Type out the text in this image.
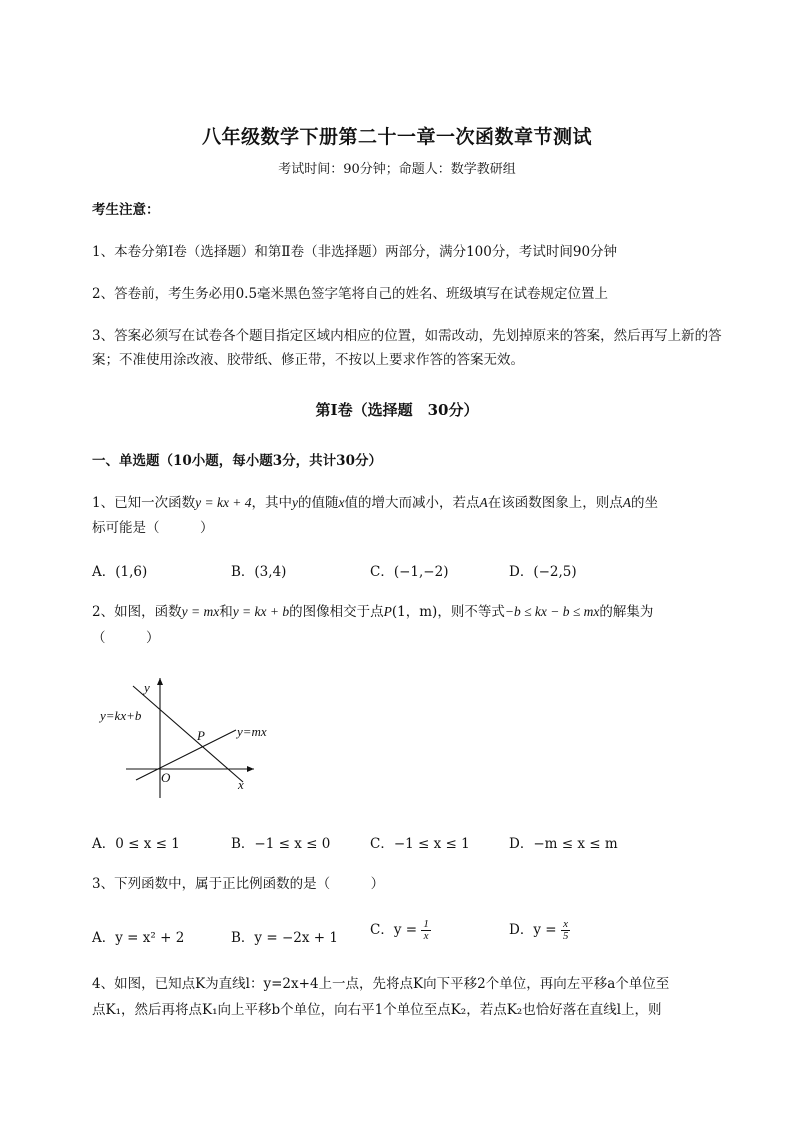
八年级数学下册第二十一章一次函数章节测试
考试时间：90分钟；命题人：数学教研组
考生注意：
1、本卷分第Ⅰ卷（选择题）和第Ⅱ卷（非选择题）两部分，满分100分，考试时间90分钟
2、答卷前，考生务必用0.5毫米黑色签字笔将自己的姓名、班级填写在试卷规定位置上
3、答案必须写在试卷各个题目指定区域内相应的位置，如需改动，先划掉原来的答案，然后再写上新的答案；不准使用涂改液、胶带纸、修正带，不按以上要求作答的答案无效。
第Ⅰ卷（选择题　30分）
一、单选题（10小题，每小题3分，共计30分）
1、已知一次函数y = kx + 4，其中y的值随x值的增大而减小，若点A在该函数图象上，则点A的坐
标可能是（　　　）
A．(1,6)	B．(3,4)	C．(−1,−2)	D．(−2,5)
2、如图，函数y = mx和y = kx + b的图像相交于点P(1，m)，则不等式−b ≤ kx − b ≤ mx的解集为
（　　　）
y
x
O
P
y=kx+b
y=mx
A．0 ≤ x ≤ 1	B．−1 ≤ x ≤ 0	C．−1 ≤ x ≤ 1	D．−m ≤ x ≤ m
3、下列函数中，属于正比例函数的是（　　　）
A．y = x² + 2	B．y = −2x + 1 C．$y = \frac{1}{x}$	D．$y = \frac{x}{5}$
4、如图，已知点K为直线l：y=2x+4上一点，先将点K向下平移2个单位，再向左平移a个单位至
点K₁，然后再将点K₁向上平移b个单位，向右平1个单位至点K₂，若点K₂也恰好落在直线l上，则
